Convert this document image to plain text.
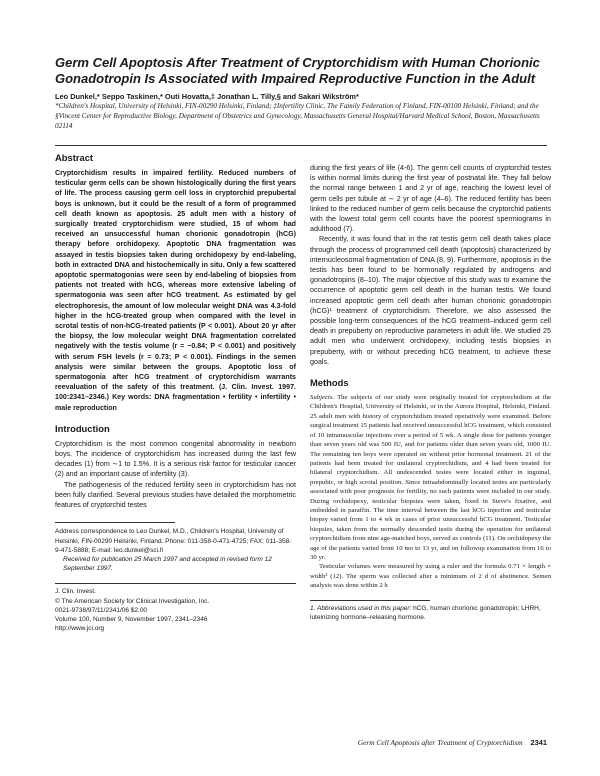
Germ Cell Apoptosis After Treatment of Cryptorchidism with Human Chorionic Gonadotropin Is Associated with Impaired Reproductive Function in the Adult
Leo Dunkel,* Seppo Taskinen,* Outi Hovatta,‡ Jonathan L. Tilly,§ and Sakari Wikström*
*Children's Hospital, University of Helsinki, FIN-00290 Helsinki, Finland; ‡Infertility Clinic, The Family Federation of Finland, FIN-00100 Helsinki, Finland; and the §Vincent Center for Reproductive Biology, Department of Obstetrics and Gynecology, Massachusetts General Hospital/Harvard Medical School, Boston, Massachusetts 02114
Abstract

Cryptorchidism results in impaired fertility. Reduced numbers of testicular germ cells can be shown histologically during the first years of life. The process causing germ cell loss in cryptorchid prepubertal boys is unknown, but it could be the result of a form of programmed cell death known as apoptosis. 25 adult men with a history of surgically treated cryptorchidism were studied, 15 of whom had received an unsuccessful human chorionic gonadotropin (hCG) therapy before orchidopexy. Apoptotic DNA fragmentation was assayed in testis biopsies taken during orchidopexy by end-labeling, both in extracted DNA and histochemically in situ. Only a few scattered apoptotic spermatogonias were seen by end-labeling of biopsies from patients not treated with hCG, whereas more extensive labeling of spermatogonia was seen after hCG treatment. As estimated by gel electrophoresis, the amount of low molecular weight DNA was 4.3-fold higher in the hCG-treated group when compared with the level in scrotal testis of non-hCG-treated patients (P < 0.001). About 20 yr after the biopsy, the low molecular weight DNA fragmentation correlated negatively with the testis volume (r = −0.84; P < 0.001) and positively with serum FSH levels (r = 0.73; P < 0.001). Findings in the semen analysis were similar between the groups. Apoptotic loss of spermatogonia after hCG treatment of cryptorchidism warrants reevaluation of the safety of this treatment. (J. Clin. Invest. 1997. 100:2341–2346.) Key words: DNA fragmentation • fertility • infertility • male reproduction

Introduction

Cryptorchidism is the most common congenital abnormality in newborn boys. The incidence of cryptorchidism has increased during the last few decades (1) from ∼1 to 1.5%. It is a serious risk factor for testicular cancer (2) and an important cause of infertility (3).

The pathogenesis of the reduced fertility seen in cryptorchidism has not been fully clarified. Several previous studies have detailed the morphometric features of cryptorchid testes

Address correspondence to Leo Dunkel, M.D., Children's Hospital, University of Helsinki, FIN-00290 Helsinki, Finland. Phone: 011-358-0-471-4725; FAX: 011-358-9-471-5888; E-mail: leo.dunkel@sci.fi
Received for publication 25 March 1997 and accepted in revised form 12 September 1997.
J. Clin. Invest.
© The American Society for Clinical Investigation, Inc.
0021-9738/97/11/2341/06 $2.00
Volume 100, Number 9, November 1997, 2341–2346
http://www.jci.org

during the first years of life (4-6). The germ cell counts of cryptorchid testes is within normal limits during the first year of postnatal life. They fall below the normal range between 1 and 2 yr of age, reaching the lowest level of germ cells per tubule at ∼ 2 yr of age (4–6). The reduced fertility has been linked to the reduced number of germ cells because the cryptorchid patients with the lowest total germ cell counts have the poorest spermiograms in adulthood (7).

Recently, it was found that in the rat testis germ cell death takes place through the process of programmed cell death (apoptosis) characterized by internucleosomal fragmentation of DNA (8, 9). Furthermore, apoptosis in the testis has been found to be hormonally regulated by androgens and gonadotropins (8–10). The major objective of this study was to examine the occurrence of apoptotic germ cell death in the human testis. We found increased apoptotic germ cell death after human chorionic gonadotropin (hCG)¹ treatment of cryptorchidism. Therefore, we also assessed the possible long-term consequences of the hCG treatment–induced germ cell death in prepuberty on reproductive parameters in adult life. We studied 25 adult men who underwent orchidopexy, including testis biopsies in prepuberty, with or without preceding hCG treatment, to achieve these goals.

Methods

Subjects. The subjects of our study were originally treated for cryptorchidism at the Children's Hospital, University of Helsinki, or in the Aurora Hospital, Helsinki, Finland. 25 adult men with history of cryptorchidism treated operatively were examined. Before surgical treatment 15 patients had received unsuccessful hCG treatment, which consisted of 10 intramuscular injections over a period of 5 wk. A single dose for patients younger than seven years old was 500 IU, and for patients older than seven years old, 1000 IU. The remaining ten boys were operated on without prior hormonal treatment. 21 of the patients had been treated for unilateral cryptorchidism, and 4 had been treated for bilateral cryptorchidism. All undescended testes were located either in inguinal, prepubic, or high scrotal position. Since intraabdominally located testes are particularly associated with poor prognosis for fertility, no such patients were included in our study. During orchidopexy, testicular biopsies were taken, fixed in Steve's fixative, and embedded in paraffin. The time interval between the last hCG injection and testicular biopsy varied from 1 to 4 wk in cases of prior unsuccessful hCG treatment. Testicular biopsies, taken from the normally descended testis during the operation for unilateral cryptorchidism from nine age-matched boys, served as controls (11). On orchidopexy the age of the patients varied from 10 mo to 13 yr, and on followup examination from 16 to 30 yr.

Testicular volumes were measured by using a ruler and the formula 0.71 × length × width² (12). The sperm was collected after a minimum of 2 d of abstinence. Semen analysis was done within 2 h

1. Abbreviations used in this paper: hCG, human chorionic gonadotropin; LHRH, luteinizing hormone–releasing hormone.
Germ Cell Apoptosis after Treatment of Cryptorchidism 2341
